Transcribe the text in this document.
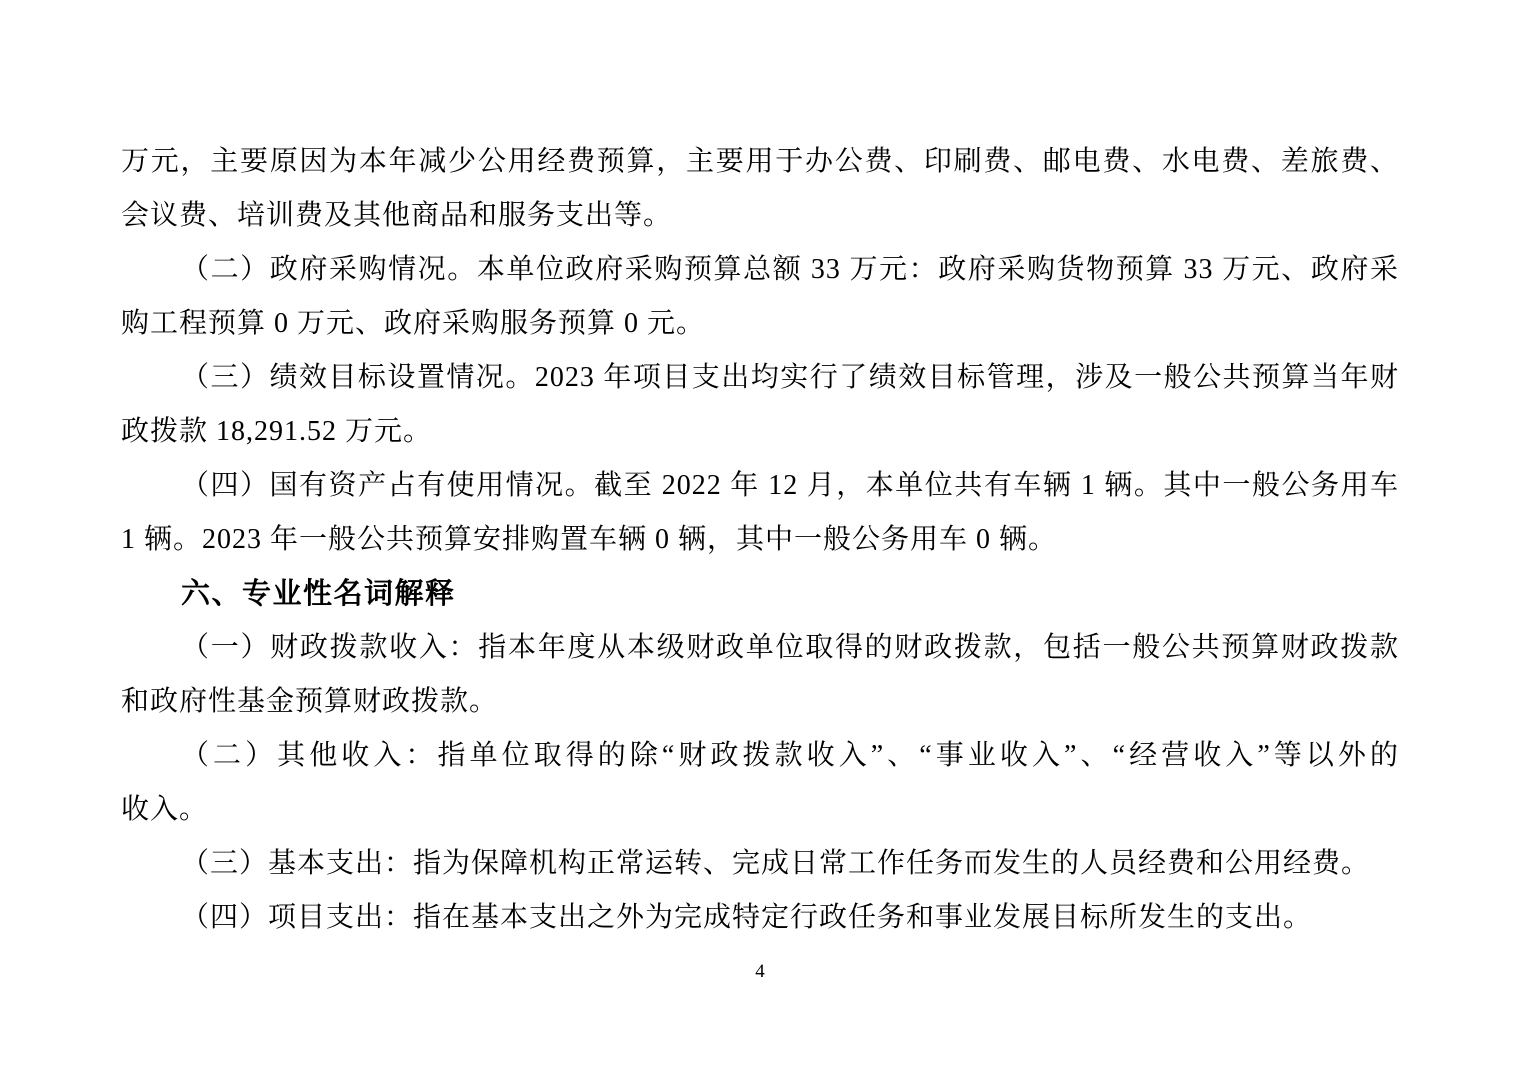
万元，主要原因为本年减少公用经费预算，主要用于办公费、印刷费、邮电费、水电费、差旅费、
会议费、培训费及其他商品和服务支出等。
（二）政府采购情况。本单位政府采购预算总额 33 万元：政府采购货物预算 33 万元、政府采
购工程预算 0 万元、政府采购服务预算 0 元。
（三）绩效目标设置情况。2023 年项目支出均实行了绩效目标管理，涉及一般公共预算当年财
政拨款 18,291.52 万元。
（四）国有资产占有使用情况。截至 2022 年 12 月，本单位共有车辆 1 辆。其中一般公务用车
1 辆。2023 年一般公共预算安排购置车辆 0 辆，其中一般公务用车 0 辆。
六、专业性名词解释
（一）财政拨款收入：指本年度从本级财政单位取得的财政拨款，包括一般公共预算财政拨款
和政府性基金预算财政拨款。
（二）其他收入：指单位取得的除“财政拨款收入”、“事业收入”、“经营收入”等以外的
收入。
（三）基本支出：指为保障机构正常运转、完成日常工作任务而发生的人员经费和公用经费。
（四）项目支出：指在基本支出之外为完成特定行政任务和事业发展目标所发生的支出。
4
